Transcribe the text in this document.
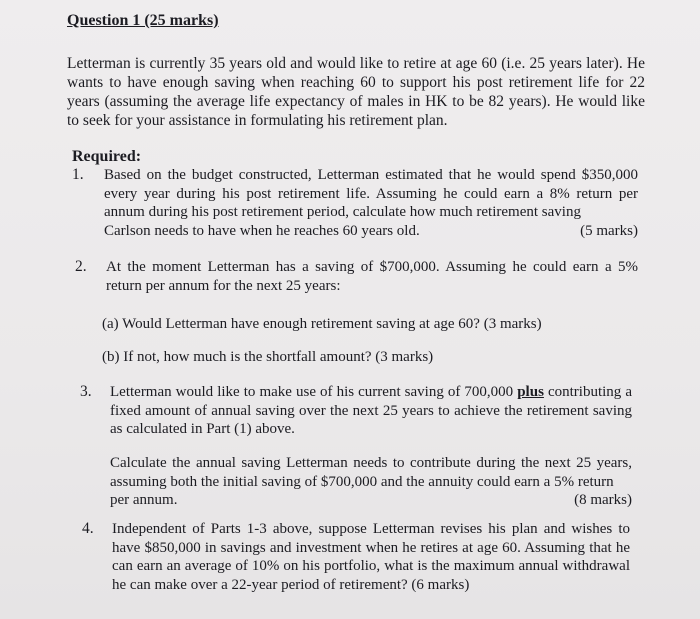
Question 1 (25 marks)
Letterman is currently 35 years old and would like to retire at age 60 (i.e. 25 years later). He wants to have enough saving when reaching 60 to support his post retirement life for 22 years (assuming the average life expectancy of males in HK to be 82 years). He would like to seek for your assistance in formulating his retirement plan.
Required:
1. Based on the budget constructed, Letterman estimated that he would spend $350,000 every year during his post retirement life. Assuming he could earn a 8% return per annum during his post retirement period, calculate how much retirement saving
Carlson needs to have when he reaches 60 years old.	(5 marks)
2. At the moment Letterman has a saving of $700,000. Assuming he could earn a 5% return per annum for the next 25 years:
(a) Would Letterman have enough retirement saving at age 60? (3 marks)
(b) If not, how much is the shortfall amount? (3 marks)
3. Letterman would like to make use of his current saving of 700,000 plus contributing a fixed amount of annual saving over the next 25 years to achieve the retirement saving as calculated in Part (1) above.
Calculate the annual saving Letterman needs to contribute during the next 25 years, assuming both the initial saving of $700,000 and the annuity could earn a 5% return
per annum.	(8 marks)
4. Independent of Parts 1-3 above, suppose Letterman revises his plan and wishes to have $850,000 in savings and investment when he retires at age 60. Assuming that he can earn an average of 10% on his portfolio, what is the maximum annual withdrawal he can make over a 22-year period of retirement? (6 marks)
